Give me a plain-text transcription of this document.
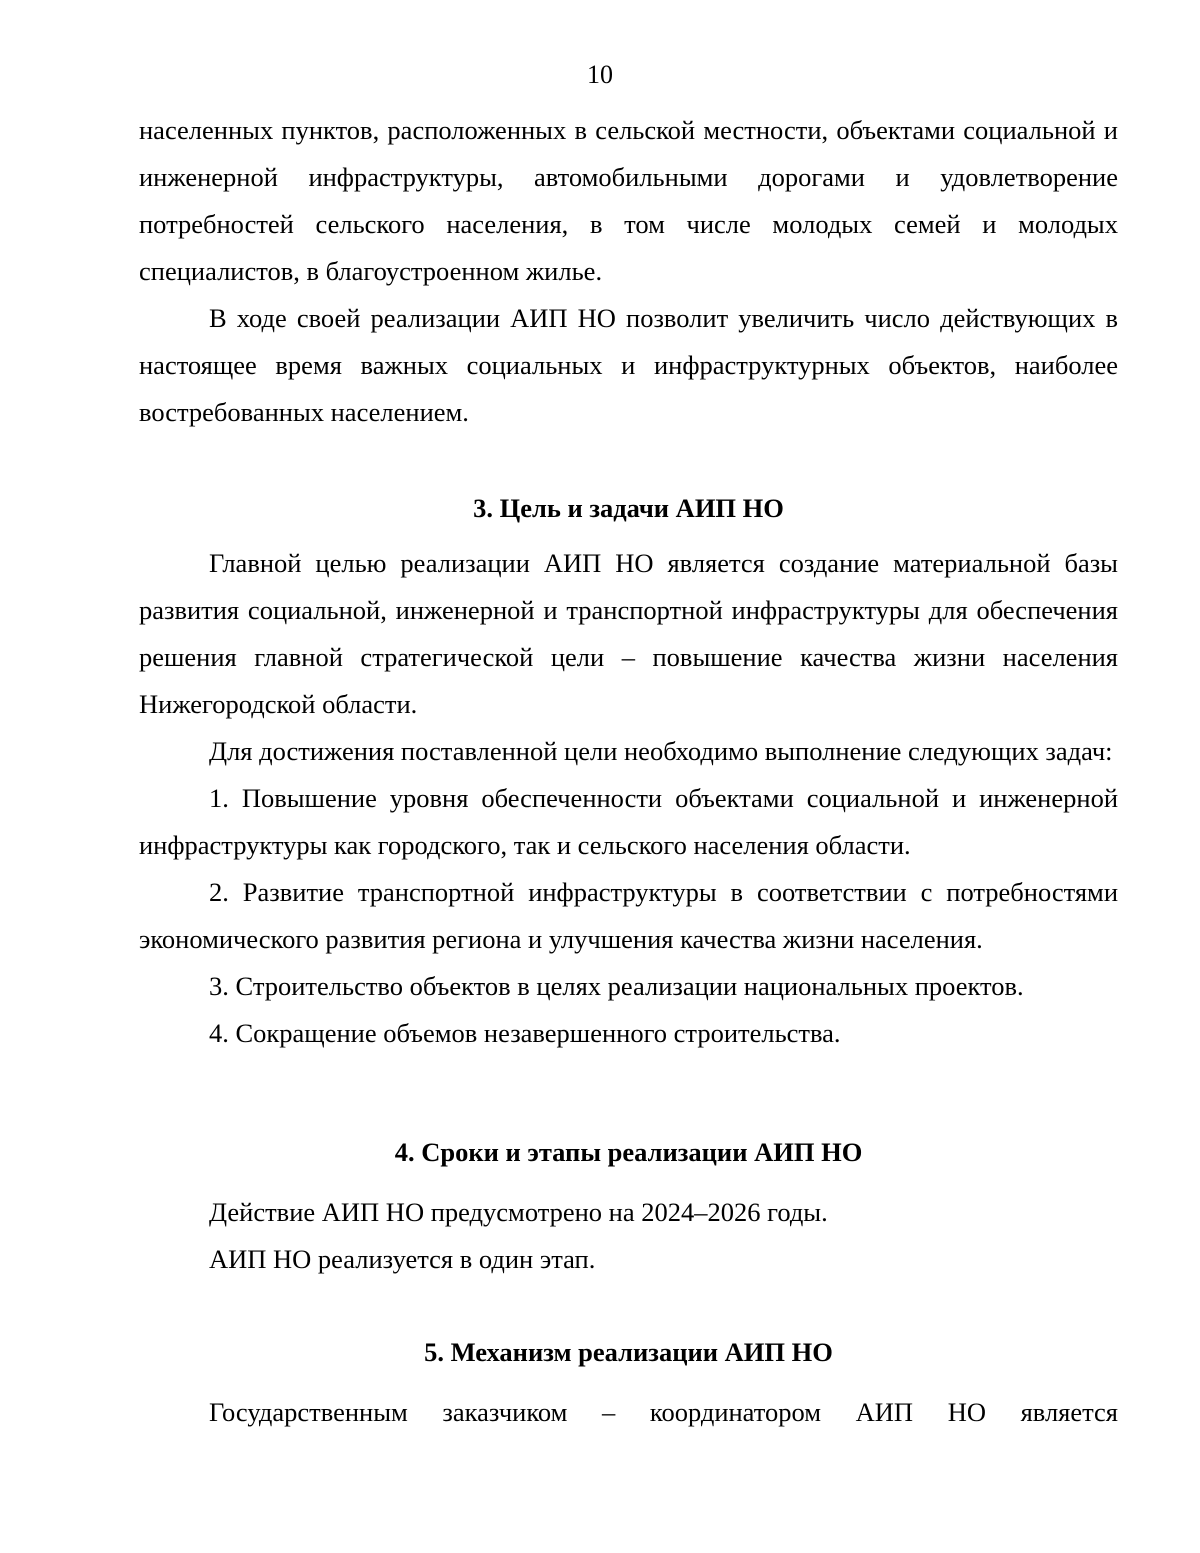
10

населенных пунктов, расположенных в сельской местности, объектами социальной и инженерной инфраструктуры, автомобильными дорогами и удовлетворение потребностей сельского населения, в том числе молодых семей и молодых специалистов, в благоустроенном жилье.

В ходе своей реализации АИП НО позволит увеличить число действующих в настоящее время важных социальных и инфраструктурных объектов, наиболее востребованных населением.

3. Цель и задачи АИП НО

Главной целью реализации АИП НО является создание материальной базы развития социальной, инженерной и транспортной инфраструктуры для обеспечения решения главной стратегической цели – повышение качества жизни населения Нижегородской области.

Для достижения поставленной цели необходимо выполнение следующих задач:

1. Повышение уровня обеспеченности объектами социальной и инженерной инфраструктуры как городского, так и сельского населения области.

2. Развитие транспортной инфраструктуры в соответствии с потребностями экономического развития региона и улучшения качества жизни населения.

3. Строительство объектов в целях реализации национальных проектов.

4. Сокращение объемов незавершенного строительства.

4. Сроки и этапы реализации АИП НО

Действие АИП НО предусмотрено на 2024–2026 годы.

АИП НО реализуется в один этап.

5. Механизм реализации АИП НО

Государственным заказчиком – координатором АИП НО является
